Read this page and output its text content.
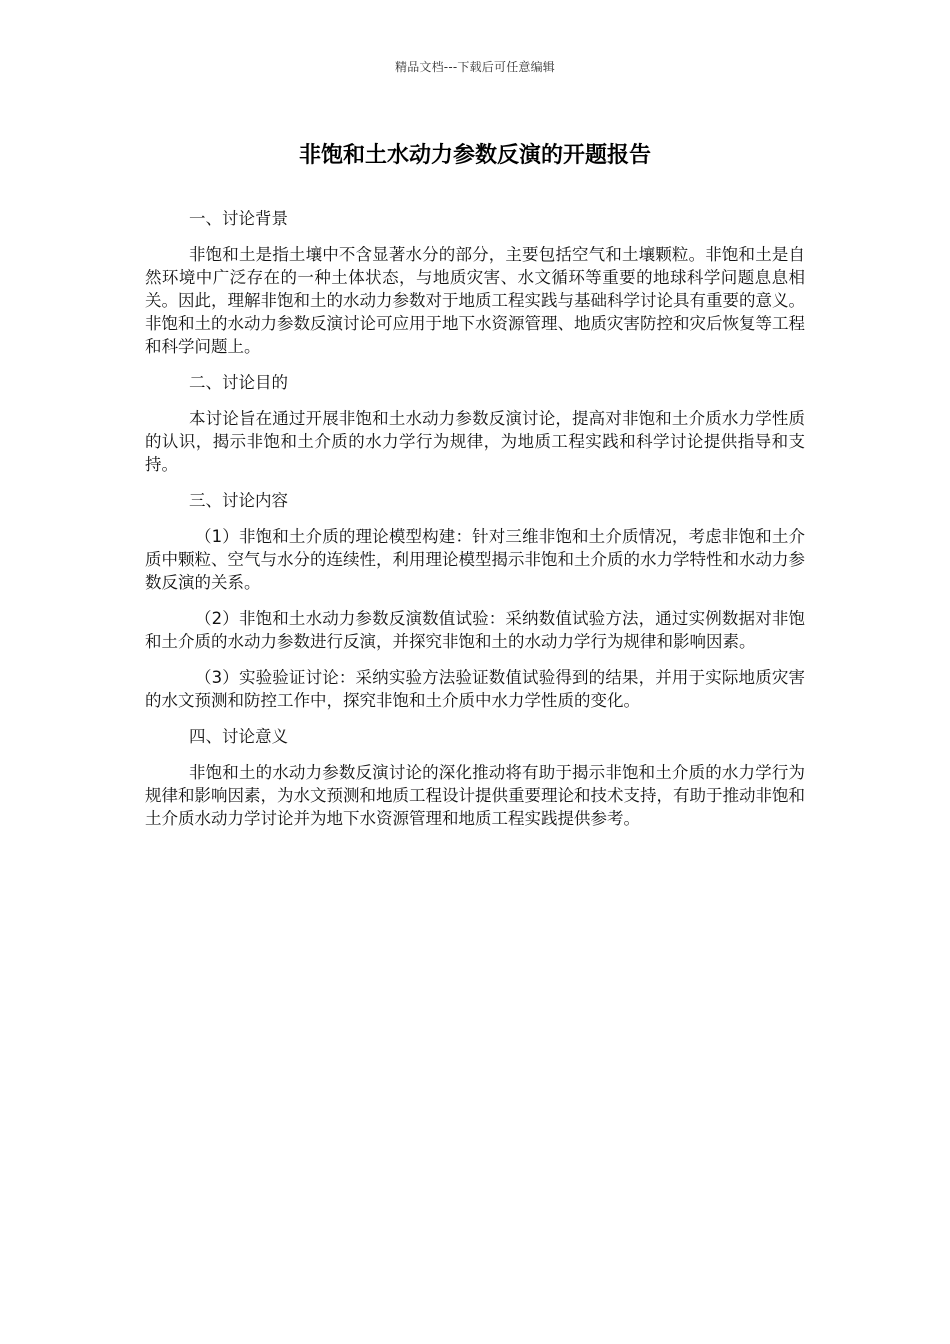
精品文档---下载后可任意编辑
非饱和土水动力参数反演的开题报告

一、讨论背景

非饱和土是指土壤中不含显著水分的部分，主要包括空气和土壤颗粒。非饱和土是自然环境中广泛存在的一种土体状态，与地质灾害、水文循环等重要的地球科学问题息息相关。因此，理解非饱和土的水动力参数对于地质工程实践与基础科学讨论具有重要的意义。非饱和土的水动力参数反演讨论可应用于地下水资源管理、地质灾害防控和灾后恢复等工程和科学问题上。

二、讨论目的

本讨论旨在通过开展非饱和土水动力参数反演讨论，提高对非饱和土介质水力学性质的认识，揭示非饱和土介质的水力学行为规律，为地质工程实践和科学讨论提供指导和支持。

三、讨论内容

（1）非饱和土介质的理论模型构建：针对三维非饱和土介质情况，考虑非饱和土介质中颗粒、空气与水分的连续性，利用理论模型揭示非饱和土介质的水力学特性和水动力参数反演的关系。

（2）非饱和土水动力参数反演数值试验：采纳数值试验方法，通过实例数据对非饱和土介质的水动力参数进行反演，并探究非饱和土的水动力学行为规律和影响因素。

（3）实验验证讨论：采纳实验方法验证数值试验得到的结果，并用于实际地质灾害的水文预测和防控工作中，探究非饱和土介质中水力学性质的变化。

四、讨论意义

非饱和土的水动力参数反演讨论的深化推动将有助于揭示非饱和土介质的水力学行为规律和影响因素，为水文预测和地质工程设计提供重要理论和技术支持，有助于推动非饱和土介质水动力学讨论并为地下水资源管理和地质工程实践提供参考。
